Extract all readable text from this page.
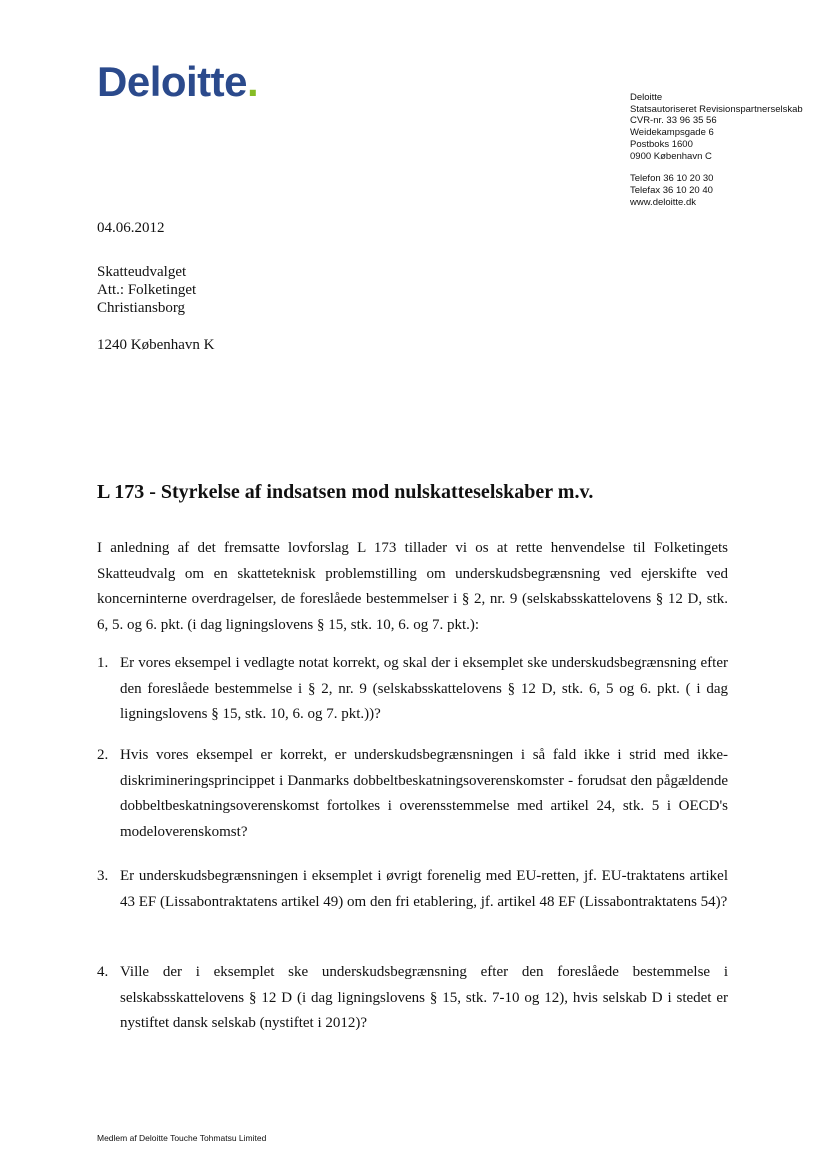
Deloitte.	Deloitte
Statsautoriseret Revisionspartnerselskab
CVR-nr. 33 96 35 56
Weidekampsgade 6
Postboks 1600
0900 København C
Telefon 36 10 20 30
Telefax 36 10 20 40
www.deloitte.dk
04.06.2012
Skatteudvalget
Att.: Folketinget
Christiansborg
1240 København K
L 173 - Styrkelse af indsatsen mod nulskatteselskaber m.v.

I anledning af det fremsatte lovforslag L 173 tillader vi os at rette henvendelse til Folketingets Skatteudvalg om en skatteteknisk problemstilling om underskudsbegrænsning ved ejerskifte ved koncerninterne overdragelser, de foreslåede bestemmelser i § 2, nr. 9 (selskabsskattelovens § 12 D, stk. 6, 5. og 6. pkt. (i dag ligningslovens § 15, stk. 10, 6. og 7. pkt.):

1. Er vores eksempel i vedlagte notat korrekt, og skal der i eksemplet ske underskudsbegrænsning efter den foreslåede bestemmelse i § 2, nr. 9 (selskabsskattelovens § 12 D, stk. 6, 5 og 6. pkt. ( i dag ligningslovens § 15, stk. 10, 6. og 7. pkt.))?

2. Hvis vores eksempel er korrekt, er underskudsbegrænsningen i så fald ikke i strid med ikke-diskrimineringsprincippet i Danmarks dobbeltbeskatningsoverenskomster - forudsat den pågældende dobbeltbeskatningsoverenskomst fortolkes i overensstemmelse med artikel 24, stk. 5 i OECD's modeloverenskomst?

3. Er underskudsbegrænsningen i eksemplet i øvrigt forenelig med EU-retten, jf. EU-traktatens artikel 43 EF (Lissabontraktatens artikel 49) om den fri etablering, jf. artikel 48 EF (Lissabontraktatens 54)?

4. Ville der i eksemplet ske underskudsbegrænsning efter den foreslåede bestemmelse i selskabsskattelovens § 12 D (i dag ligningslovens § 15, stk. 7-10 og 12), hvis selskab D i stedet er nystiftet dansk selskab (nystiftet i 2012)?

Medlem af Deloitte Touche Tohmatsu Limited
